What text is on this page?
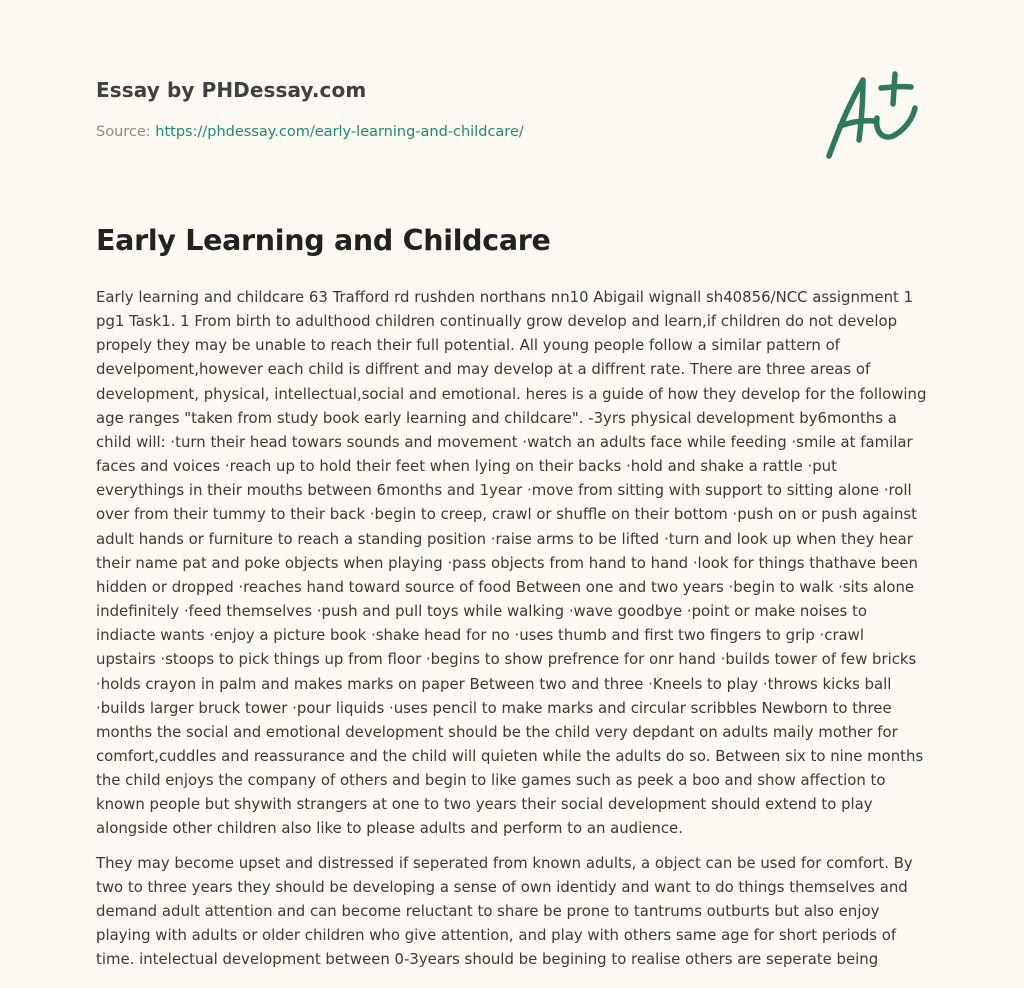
Essay by PHDessay.com
Source: https://phdessay.com/early-learning-and-childcare/
Early Learning and Childcare

Early learning and childcare 63 Trafford rd rushden northans nn10 Abigail wignall sh40856/NCC assignment 1 pg1 Task1. 1 From birth to adulthood children continually grow develop and learn,if children do not develop propely they may be unable to reach their full potential. All young people follow a similar pattern of develpoment,however each child is diffrent and may develop at a diffrent rate. There are three areas of development, physical, intellectual,social and emotional. heres is a guide of how they develop for the following age ranges "taken from study book early learning and childcare". -3yrs physical development by6months a child will: ·turn their head towars sounds and movement ·watch an adults face while feeding ·smile at familar faces and voices ·reach up to hold their feet when lying on their backs ·hold and shake a rattle ·put everythings in their mouths between 6months and 1year ·move from sitting with support to sitting alone ·roll over from their tummy to their back ·begin to creep, crawl or shuffle on their bottom ·push on or push against adult hands or furniture to reach a standing position ·raise arms to be lifted ·turn and look up when they hear their name pat and poke objects when playing ·pass objects from hand to hand ·look for things thathave been hidden or dropped ·reaches hand toward source of food Between one and two years ·begin to walk ·sits alone indefinitely ·feed themselves ·push and pull toys while walking ·wave goodbye ·point or make noises to indiacte wants ·enjoy a picture book ·shake head for no ·uses thumb and first two fingers to grip ·crawl upstairs ·stoops to pick things up from floor ·begins to show prefrence for onr hand ·builds tower of few bricks ·holds crayon in palm and makes marks on paper Between two and three ·Kneels to play ·throws kicks ball ·builds larger bruck tower ·pour liquids ·uses pencil to make marks and circular scribbles Newborn to three months the social and emotional development should be the child very depdant on adults maily mother for comfort,cuddles and reassurance and the child will quieten while the adults do so. Between six to nine months the child enjoys the company of others and begin to like games such as peek a boo and show affection to known people but shywith strangers at one to two years their social development should extend to play alongside other children also like to please adults and perform to an audience.

They may become upset and distressed if seperated from known adults, a object can be used for comfort. By two to three years they should be developing a sense of own identidy and want to do things themselves and demand adult attention and can become reluctant to share be prone to tantrums outburts but also enjoy playing with adults or older children who give attention, and play with others same age for short periods of time. intelectual development between 0-3years should be begining to realise others are seperate being
